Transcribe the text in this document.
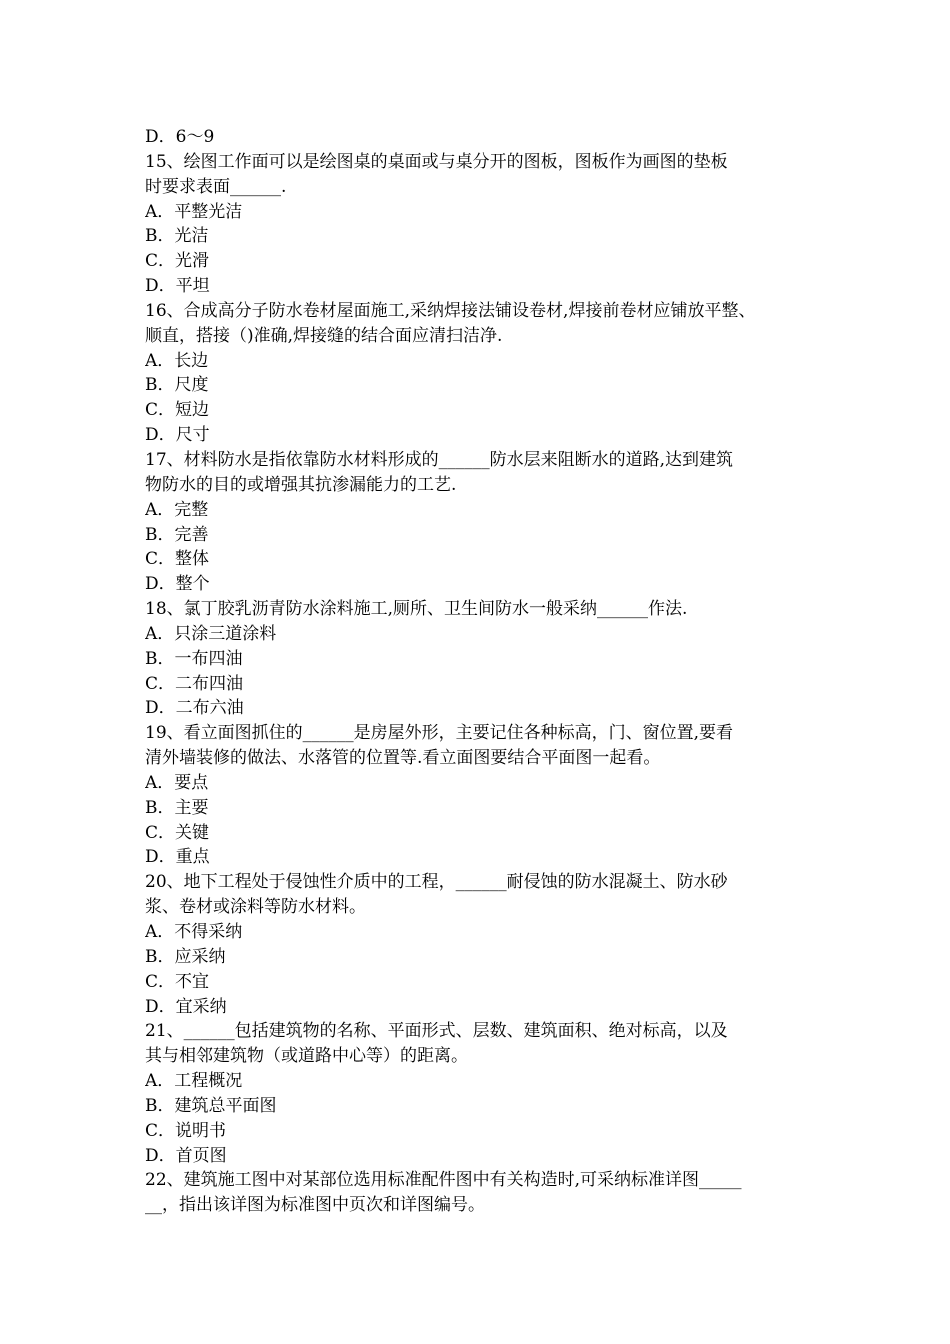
D．6～9
15、绘图工作面可以是绘图桌的桌面或与桌分开的图板，图板作为画图的垫板
时要求表面______.
A．平整光洁
B．光洁
C．光滑
D．平坦
16、合成高分子防水卷材屋面施工,采纳焊接法铺设卷材,焊接前卷材应铺放平整、
顺直，搭接（)准确,焊接缝的结合面应清扫洁净.
A．长边
B．尺度
C．短边
D．尺寸
17、材料防水是指依靠防水材料形成的______防水层来阻断水的道路,达到建筑
物防水的目的或增强其抗渗漏能力的工艺.
A．完整
B．完善
C．整体
D．整个
18、氯丁胶乳沥青防水涂料施工,厕所、卫生间防水一般采纳______作法.
A．只涂三道涂料
B．一布四油
C．二布四油
D．二布六油
19、看立面图抓住的______是房屋外形，主要记住各种标高，门、窗位置,要看
清外墙装修的做法、水落管的位置等.看立面图要结合平面图一起看。
A．要点
B．主要
C．关键
D．重点
20、地下工程处于侵蚀性介质中的工程，______耐侵蚀的防水混凝土、防水砂
浆、卷材或涂料等防水材料。
A．不得采纳
B．应采纳
C．不宜
D．宜采纳
21、______包括建筑物的名称、平面形式、层数、建筑面积、绝对标高，以及
其与相邻建筑物（或道路中心等）的距离。
A．工程概况
B．建筑总平面图
C．说明书
D．首页图
22、建筑施工图中对某部位选用标准配件图中有关构造时,可采纳标准详图_____
__，指出该详图为标准图中页次和详图编号。
